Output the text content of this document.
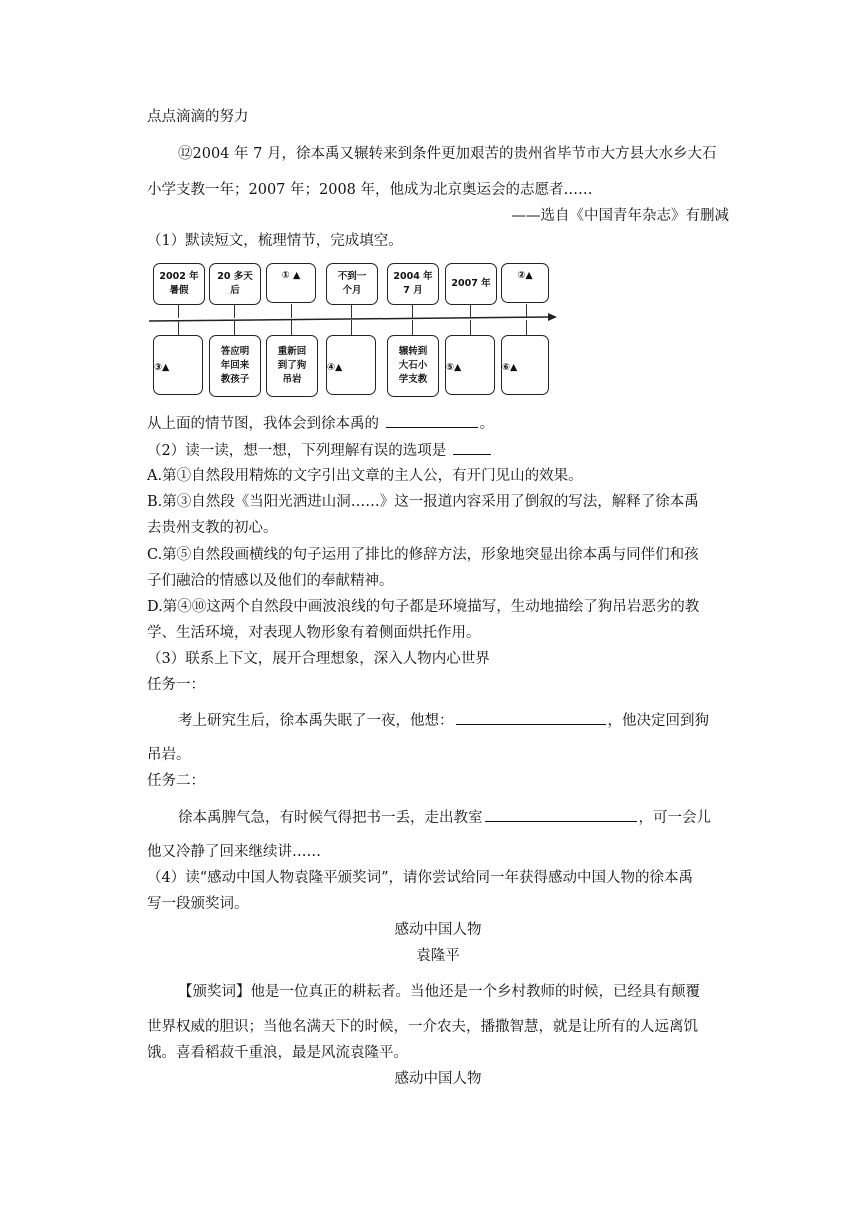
点点滴滴的努力
⑫2004 年 7 月，徐本禹又辗转来到条件更加艰苦的贵州省毕节市大方县大水乡大石
小学支教一年；2007 年；2008 年，他成为北京奥运会的志愿者……
——选自《中国青年杂志》有删减
（1）默读短文，梳理情节，完成填空。
2002 年
暑假
20 多天
后
① ▲	不到一
个月
2004 年
7 月
2007 年
②▲
③▲
答应明
年回来
教孩子
重新回
到了狗
吊岩
④▲
辗转到
大石小
学支教
⑤▲	⑥▲
从上面的情节图，我体会到徐本禹的	。
（2）读一读，想一想，下列理解有误的选项是
A.第①自然段用精炼的文字引出文章的主人公，有开门见山的效果。
B.第③自然段《当阳光洒进山洞……》这一报道内容采用了倒叙的写法，解释了徐本禹
去贵州支教的初心。
C.第⑤自然段画横线的句子运用了排比的修辞方法，形象地突显出徐本禹与同伴们和孩
子们融洽的情感以及他们的奉献精神。
D.第④⑩这两个自然段中画波浪线的句子都是环境描写，生动地描绘了狗吊岩恶劣的教
学、生活环境，对表现人物形象有着侧面烘托作用。
（3）联系上下文，展开合理想象，深入人物内心世界
任务一：
考上研究生后，徐本禹失眠了一夜，他想：	，他决定回到狗
吊岩。
任务二：
徐本禹脾气急，有时候气得把书一丢，走出教室	，可一会儿
他又冷静了回来继续讲……
（4）读“感动中国人物袁隆平颁奖词”，请你尝试给同一年获得感动中国人物的徐本禹
写一段颁奖词。
感动中国人物
袁隆平
【颁奖词】他是一位真正的耕耘者。当他还是一个乡村教师的时候，已经具有颠覆
世界权威的胆识；当他名满天下的时候，一介农夫，播撒智慧，就是让所有的人远离饥
饿。喜看稻菽千重浪，最是风流袁隆平。
感动中国人物
